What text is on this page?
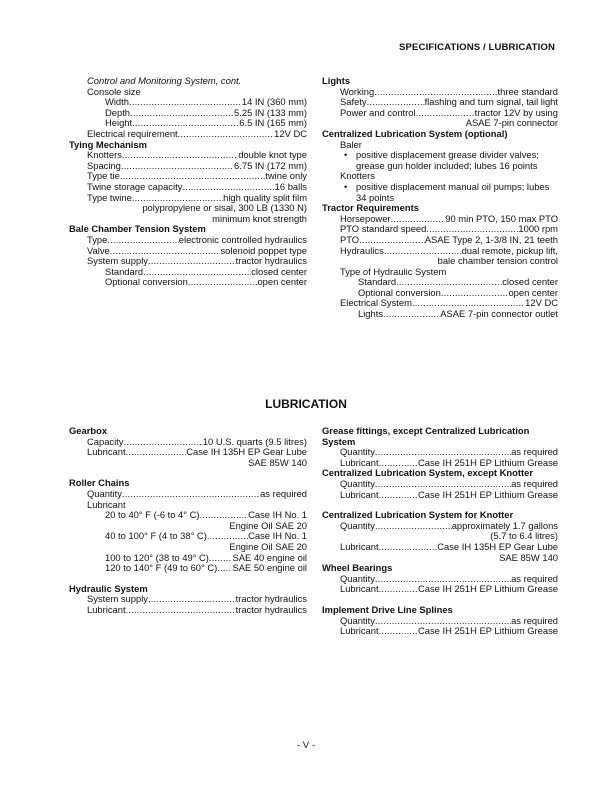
SPECIFICATIONS / LUBRICATION
Control and Monitoring System, cont.
Console size
Width .....	14 IN (360 mm)
Depth .....	5.25 IN (133 mm)
Height .....	6.5 IN (165 mm)
Electrical requirement .....	12V DC
Tying Mechanism
Knotters .....	double knot type
Spacing .....	6.75 IN (172 mm)
Type tie .....	twine only
Twine storage capacity .....	16 balls
Type twine .....	high quality split film
polypropylene or sisal, 300 LB (1330 N)
minimum knot strength
Bale Chamber Tension System
Type .....	electronic controlled hydraulics
Valve .....	solenoid poppet type
System supply .....	tractor hydraulics
Standard .....	closed center
Optional conversion .....	open center
Lights
Working .....	three standard
Safety .....	flashing and turn signal, tail light
Power and control .....	tractor 12V by using
ASAE 7-pin connector
Centralized Lubrication System (optional)
Baler
• positive displacement grease divider valves;
grease gun holder included; lubes 16 points
Knotters
• positive displacement manual oil pumps; lubes
34 points
Tractor Requirements
Horsepower .....	90 min PTO, 150 max PTO
PTO standard speed .....	1000 rpm
PTO .....	ASAE Type 2, 1-3/8 IN, 21 teeth
Hydraulics .....	dual remote, pickup lift,
bale chamber tension control
Type of Hydraulic System
Standard .....	closed center
Optional conversion .....	open center
Electrical System .....	12V DC
Lights .....	ASAE 7-pin connector outlet
LUBRICATION
Gearbox
Capacity .....	10 U.S. quarts (9.5 litres)
Lubricant .....	Case IH 135H EP Gear Lube
SAE 85W 140
Roller Chains
Quantity .....	as required
Lubricant
20 to 40° F (-6 to 4° C) .....	Case IH No. 1
Engine Oil SAE 20
40 to 100° F (4 to 38° C) .....	Case IH No. 1
Engine Oil SAE 20
100 to 120° (38 to 49° C) .....	SAE 40 engine oil
120 to 140° F (49 to 60° C) ..... SAE 50 engine oil
Hydraulic System
System supply .....	tractor hydraulics
Lubricant .....	tractor hydraulics
Grease fittings, except Centralized Lubrication
System
Quantity .....	as required
Lubricant .....	Case IH 251H EP Lithium Grease
Centralized Lubrication System, except Knotter
Quantity .....	as required
Lubricant .....	Case IH 251H EP Lithium Grease
Centralized Lubrication System for Knotter
Quantity .....	approximately 1.7 gallons
(5.7 to 6.4 litres)
Lubricant .....	Case IH 135H EP Gear Lube
SAE 85W 140
Wheel Bearings
Quantity .....	as required
Lubricant .....	Case IH 251H EP Lithium Grease
Implement Drive Line Splines
Quantity .....	as required
Lubricant .....	Case IH 251H EP Lithium Grease
- V -
